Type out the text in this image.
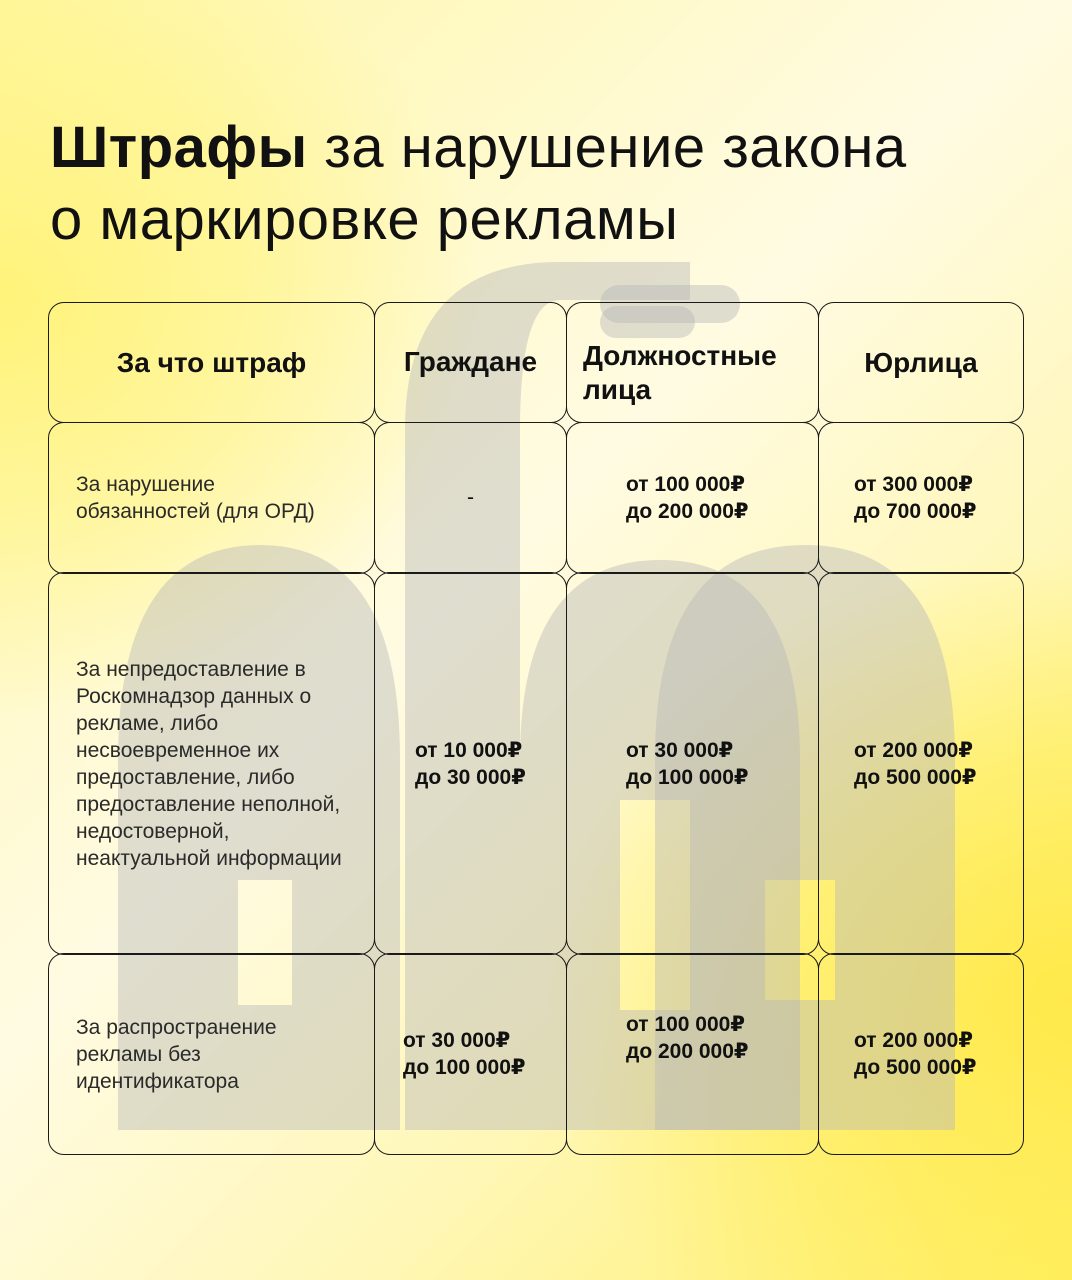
Штрафы за нарушение закона
о маркировке рекламы
За что штраф	Граждане Должностные лица
Юрлица
За нарушение обязанностей (для ОРД)
-
от 100 000₽
до 200 000₽
от 300 000₽
до 700 000₽
За непредоставление в Роскомнадзор данных о рекламе, либо несвоевременное их предоставление, либо предоставление неполной, недостоверной, неактуальной информации
от 10 000₽
до 30 000₽
от 30 000₽
до 100 000₽
от 200 000₽
до 500 000₽
За распространение рекламы без идентификатора
от 30 000₽
до 100 000₽
от 100 000₽
до 200 000₽	от 200 000₽
до 500 000₽
